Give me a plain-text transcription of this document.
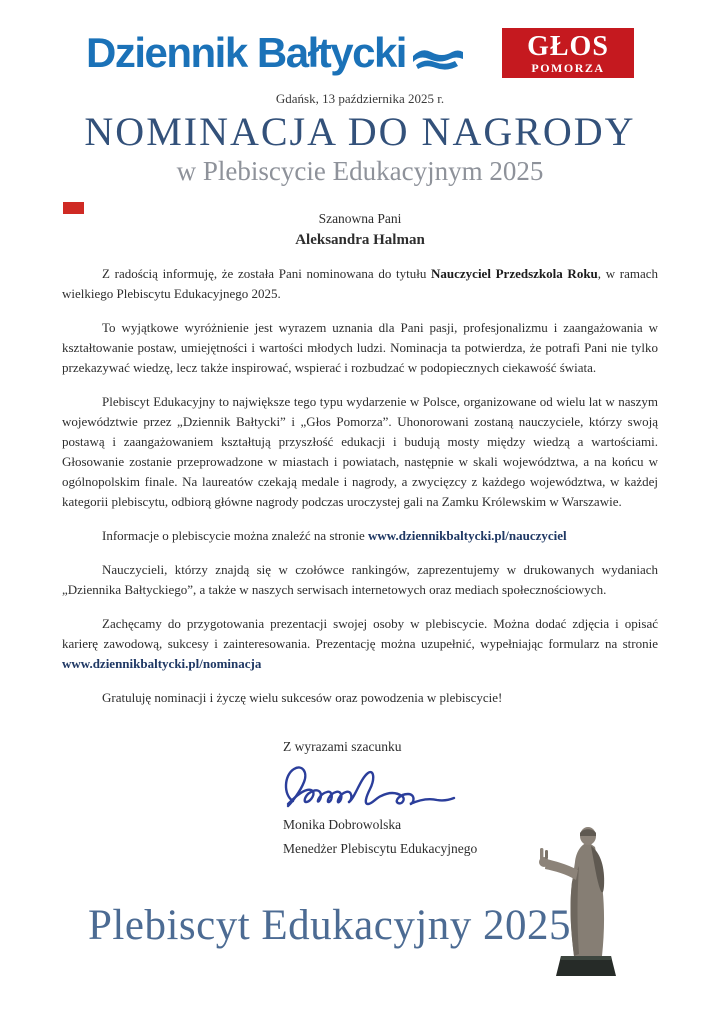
Dziennik Bałtycki	GŁOS
POMORZA
Gdańsk, 13 października 2025 r.
NOMINACJA DO NAGRODY
w Plebiscycie Edukacyjnym 2025
Szanowna Pani
Aleksandra Halman

Z radością informuję, że została Pani nominowana do tytułu Nauczyciel Przedszkola Roku, w ramach wielkiego Plebiscytu Edukacyjnego 2025.

To wyjątkowe wyróżnienie jest wyrazem uznania dla Pani pasji, profesjonalizmu i zaangażowania w kształtowanie postaw, umiejętności i wartości młodych ludzi. Nominacja ta potwierdza, że potrafi Pani nie tylko przekazywać wiedzę, lecz także inspirować, wspierać i rozbudzać w podopiecznych ciekawość świata.

Plebiscyt Edukacyjny to największe tego typu wydarzenie w Polsce, organizowane od wielu lat w naszym województwie przez „Dziennik Bałtycki” i „Głos Pomorza”. Uhonorowani zostaną nauczyciele, którzy swoją postawą i zaangażowaniem kształtują przyszłość edukacji i budują mosty między wiedzą a wartościami. Głosowanie zostanie przeprowadzone w miastach i powiatach, następnie w skali województwa, a na końcu w ogólnopolskim finale. Na laureatów czekają medale i nagrody, a zwycięzcy z każdego województwa, w każdej kategorii plebiscytu, odbiorą główne nagrody podczas uroczystej gali na Zamku Królewskim w Warszawie.

Informacje o plebiscycie można znaleźć na stronie www.dziennikbaltycki.pl/nauczyciel

Nauczycieli, którzy znajdą się w czołówce rankingów, zaprezentujemy w drukowanych wydaniach „Dziennika Bałtyckiego”, a także w naszych serwisach internetowych oraz mediach społecznościowych.

Zachęcamy do przygotowania prezentacji swojej osoby w plebiscycie. Można dodać zdjęcia i opisać karierę zawodową, sukcesy i zainteresowania. Prezentację można uzupełnić, wypełniając formularz na stronie www.dziennikbaltycki.pl/nominacja

Gratuluję nominacji i życzę wielu sukcesów oraz powodzenia w plebiscycie!

Z wyrazami szacunku
Monika Dobrowolska
Menedżer Plebiscytu Edukacyjnego
Plebiscyt Edukacyjny 2025
